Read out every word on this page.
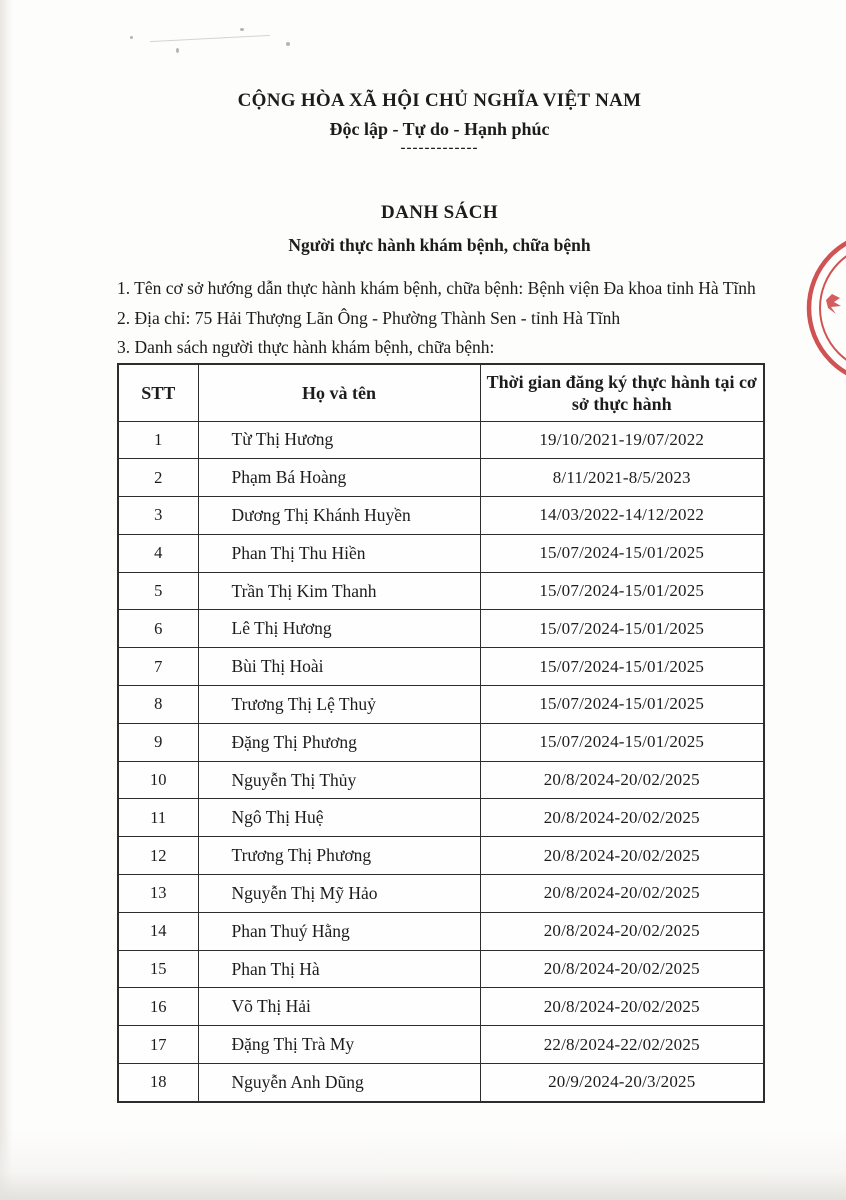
CỘNG HÒA XÃ HỘI CHỦ NGHĨA VIỆT NAM
Độc lập - Tự do - Hạnh phúc
-------------
DANH SÁCH
Người thực hành khám bệnh, chữa bệnh

1. Tên cơ sở hướng dẫn thực hành khám bệnh, chữa bệnh: Bệnh viện Đa khoa tỉnh Hà Tĩnh

2. Địa chỉ: 75 Hải Thượng Lãn Ông - Phường Thành Sen - tỉnh Hà Tĩnh

3. Danh sách người thực hành khám bệnh, chữa bệnh:

STT	Họ và tên	Thời gian đăng ký thực hành tại cơ sở thực hành
1	Từ Thị Hương	19/10/2021-19/07/2022
2	Phạm Bá Hoàng	8/11/2021-8/5/2023
3	Dương Thị Khánh Huyền	14/03/2022-14/12/2022
4	Phan Thị Thu Hiền	15/07/2024-15/01/2025
5	Trần Thị Kim Thanh	15/07/2024-15/01/2025
6	Lê Thị Hương	15/07/2024-15/01/2025
7	Bùi Thị Hoài	15/07/2024-15/01/2025
8	Trương Thị Lệ Thuỷ	15/07/2024-15/01/2025
9	Đặng Thị Phương	15/07/2024-15/01/2025
10	Nguyễn Thị Thủy	20/8/2024-20/02/2025
11	Ngô Thị Huệ	20/8/2024-20/02/2025
12	Trương Thị Phương	20/8/2024-20/02/2025
13	Nguyễn Thị Mỹ Hảo	20/8/2024-20/02/2025
14	Phan Thuý Hằng	20/8/2024-20/02/2025
15	Phan Thị Hà	20/8/2024-20/02/2025
16	Võ Thị Hải	20/8/2024-20/02/2025
17	Đặng Thị Trà My	22/8/2024-22/02/2025
18	Nguyễn Anh Dũng	20/9/2024-20/3/2025
